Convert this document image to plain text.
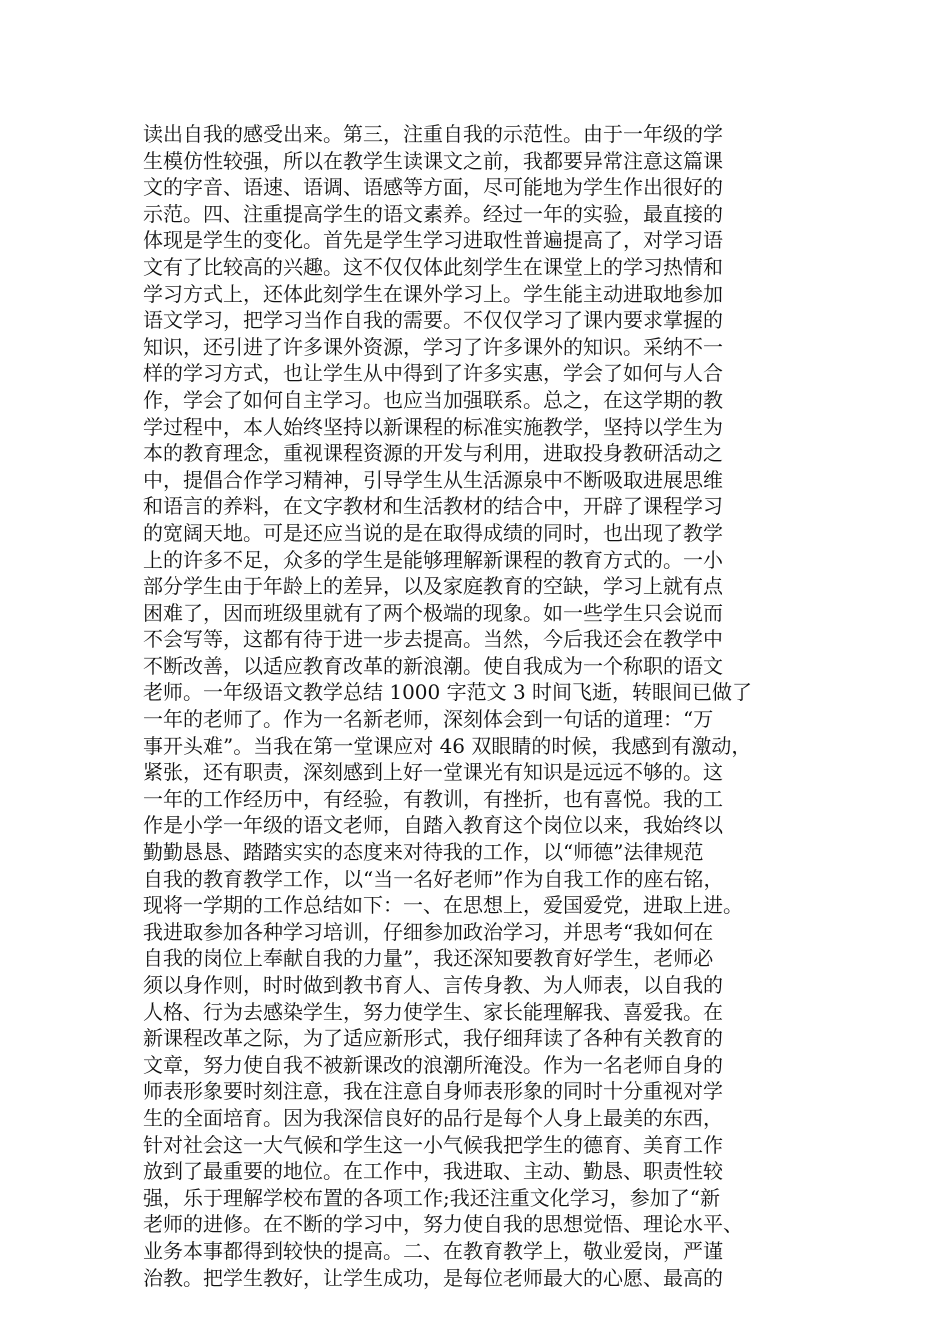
读出自我的感受出来。第三，注重自我的示范性。由于一年级的学
生模仿性较强，所以在教学生读课文之前，我都要异常注意这篇课
文的字音、语速、语调、语感等方面，尽可能地为学生作出很好的
示范。四、注重提高学生的语文素养。经过一年的实验，最直接的
体现是学生的变化。首先是学生学习进取性普遍提高了，对学习语
文有了比较高的兴趣。这不仅仅体此刻学生在课堂上的学习热情和
学习方式上，还体此刻学生在课外学习上。学生能主动进取地参加
语文学习，把学习当作自我的需要。不仅仅学习了课内要求掌握的
知识，还引进了许多课外资源，学习了许多课外的知识。采纳不一
样的学习方式，也让学生从中得到了许多实惠，学会了如何与人合
作，学会了如何自主学习。也应当加强联系。总之，在这学期的教
学过程中，本人始终坚持以新课程的标准实施教学，坚持以学生为
本的教育理念，重视课程资源的开发与利用，进取投身教研活动之
中，提倡合作学习精神，引导学生从生活源泉中不断吸取进展思维
和语言的养料，在文字教材和生活教材的结合中，开辟了课程学习
的宽阔天地。可是还应当说的是在取得成绩的同时，也出现了教学
上的许多不足，众多的学生是能够理解新课程的教育方式的。一小
部分学生由于年龄上的差异，以及家庭教育的空缺，学习上就有点
困难了，因而班级里就有了两个极端的现象。如一些学生只会说而
不会写等，这都有待于进一步去提高。当然，今后我还会在教学中
不断改善，以适应教育改革的新浪潮。使自我成为一个称职的语文
老师。一年级语文教学总结 1000 字范文 3 时间飞逝，转眼间已做了
一年的老师了。作为一名新老师，深刻体会到一句话的道理：“万
事开头难”。当我在第一堂课应对 46 双眼睛的时候，我感到有激动，
紧张，还有职责，深刻感到上好一堂课光有知识是远远不够的。这
一年的工作经历中，有经验，有教训，有挫折，也有喜悦。我的工
作是小学一年级的语文老师，自踏入教育这个岗位以来，我始终以
勤勤恳恳、踏踏实实的态度来对待我的工作，以“师德”法律规范
自我的教育教学工作，以“当一名好老师”作为自我工作的座右铭，
现将一学期的工作总结如下：一、在思想上，爱国爱党，进取上进。
我进取参加各种学习培训，仔细参加政治学习，并思考“我如何在
自我的岗位上奉献自我的力量”，我还深知要教育好学生，老师必
须以身作则，时时做到教书育人、言传身教、为人师表，以自我的
人格、行为去感染学生，努力使学生、家长能理解我、喜爱我。在
新课程改革之际，为了适应新形式，我仔细拜读了各种有关教育的
文章，努力使自我不被新课改的浪潮所淹没。作为一名老师自身的
师表形象要时刻注意，我在注意自身师表形象的同时十分重视对学
生的全面培育。因为我深信良好的品行是每个人身上最美的东西，
针对社会这一大气候和学生这一小气候我把学生的德育、美育工作
放到了最重要的地位。在工作中，我进取、主动、勤恳、职责性较
强，乐于理解学校布置的各项工作;我还注重文化学习，参加了“新
老师的进修。在不断的学习中，努力使自我的思想觉悟、理论水平、
业务本事都得到较快的提高。二、在教育教学上，敬业爱岗，严谨
治教。把学生教好，让学生成功，是每位老师最大的心愿、最高的
